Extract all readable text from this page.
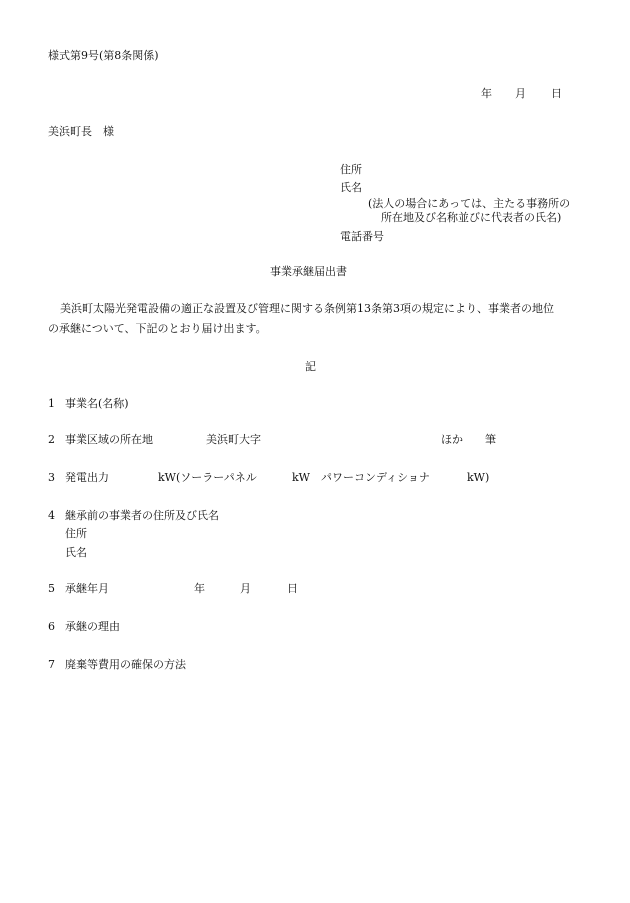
様式第9号(第8条関係)
年 月 日
美浜町長　様
住所
氏名
(法人の場合にあっては、主たる事務所の
所在地及び名称並びに代表者の氏名)
電話番号
事業承継届出書
美浜町太陽光発電設備の適正な設置及び管理に関する条例第13条第3項の規定により、事業者の地位
の承継について、下記のとおり届け出ます。
記
1 事業名(名称)
2 事業区域の所在地	美浜町大字	ほか 筆
3 発電出力	kW(ソーラーパネル	kW　パワーコンディショナ	kW)
4 継承前の事業者の住所及び氏名
住所
氏名
5 承継年月	年	月	日
6 承継の理由
7 廃棄等費用の確保の方法
